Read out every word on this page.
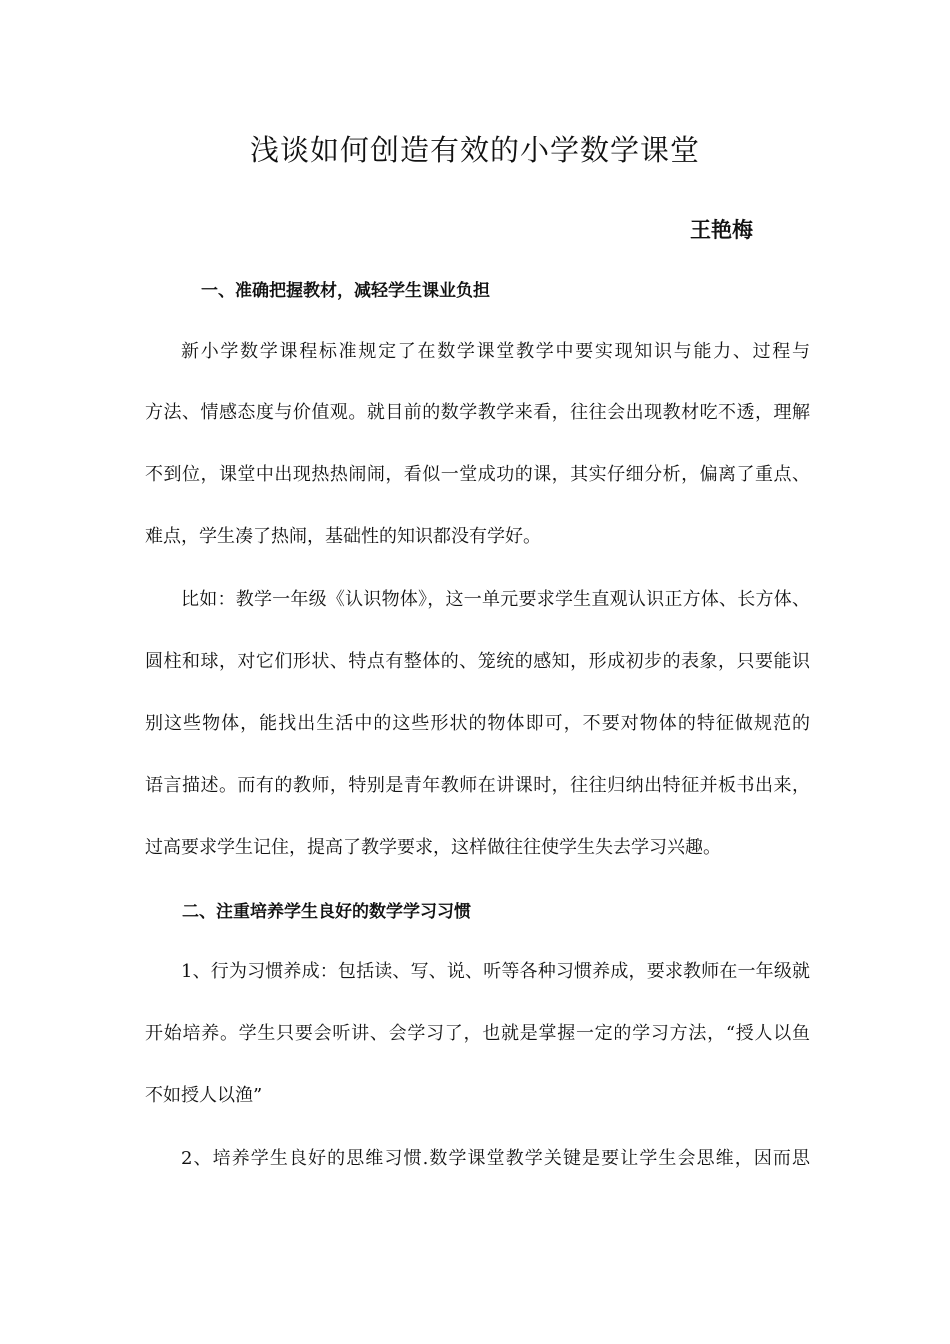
浅谈如何创造有效的小学数学课堂
王艳梅
一、准确把握教材，减轻学生课业负担
新小学数学课程标准规定了在数学课堂教学中要实现知识与能力、过程与
方法、情感态度与价值观。就目前的数学教学来看，往往会出现教材吃不透，理解
不到位，课堂中出现热热闹闹，看似一堂成功的课，其实仔细分析，偏离了重点、
难点，学生凑了热闹，基础性的知识都没有学好。
比如：教学一年级《认识物体》，这一单元要求学生直观认识正方体、长方体、
圆柱和球，对它们形状、特点有整体的、笼统的感知，形成初步的表象，只要能识
别这些物体，能找出生活中的这些形状的物体即可，不要对物体的特征做规范的
语言描述。而有的教师，特别是青年教师在讲课时，往往归纳出特征并板书出来，
过高要求学生记住，提高了教学要求，这样做往往使学生失去学习兴趣。
二、注重培养学生良好的数学学习习惯
1、行为习惯养成：包括读、写、说、听等各种习惯养成，要求教师在一年级就
开始培养。学生只要会听讲、会学习了，也就是掌握一定的学习方法，“授人以鱼
不如授人以渔”
2、培养学生良好的思维习惯.数学课堂教学关键是要让学生会思维，因而思
